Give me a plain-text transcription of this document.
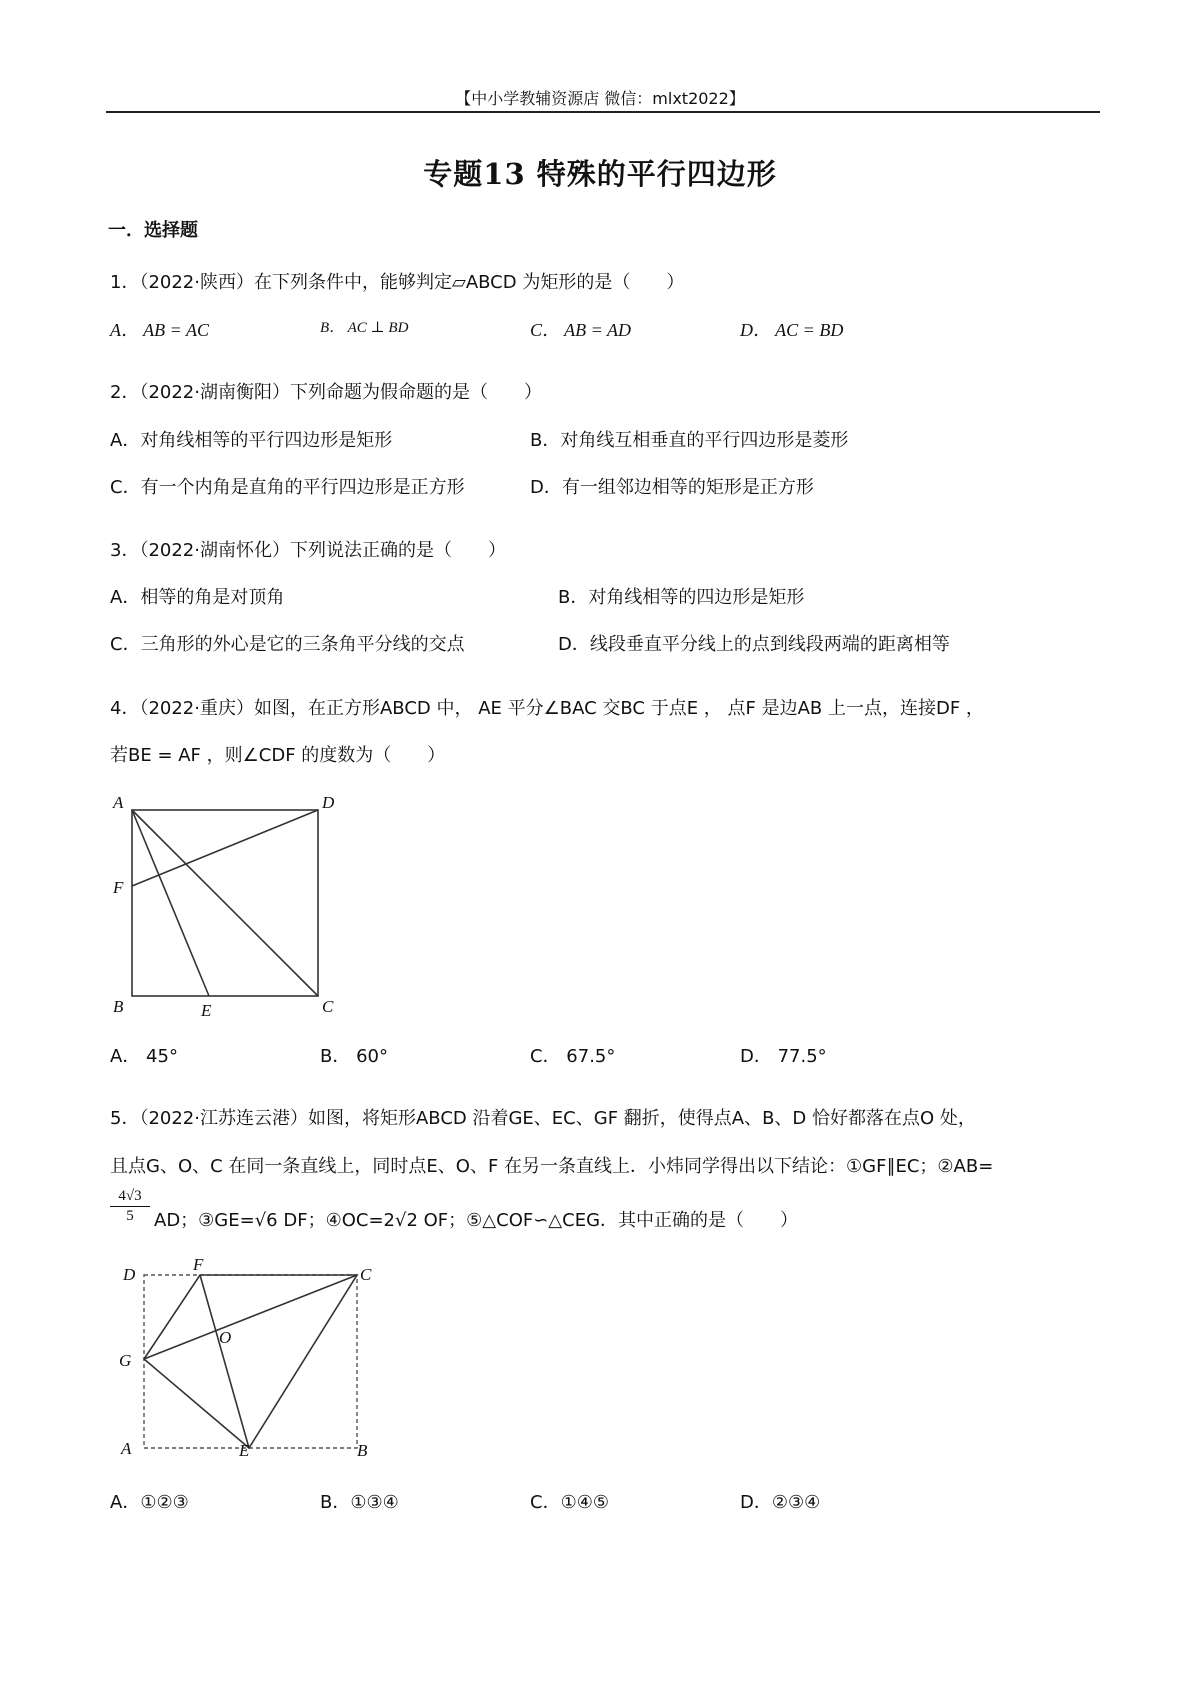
【中小学教辅资源店 微信：mlxt2022】
专题13 特殊的平行四边形
一．选择题
1．（2022·陕西）在下列条件中，能够判定▱ABCD 为矩形的是（　　）
A． AB = AC	B． AC ⊥ BD	C． AB = AD	D． AC = BD
2．（2022·湖南衡阳）下列命题为假命题的是（　　）
A．对角线相等的平行四边形是矩形	B．对角线互相垂直的平行四边形是菱形
C．有一个内角是直角的平行四边形是正方形	D．有一组邻边相等的矩形是正方形
3．（2022·湖南怀化）下列说法正确的是（　　）
A．相等的角是对顶角	B．对角线相等的四边形是矩形
C．三角形的外心是它的三条角平分线的交点	D．线段垂直平分线上的点到线段两端的距离相等
4．（2022·重庆）如图，在正方形ABCD 中， AE 平分∠BAC 交BC 于点E ， 点F 是边AB 上一点，连接DF ，
若BE = AF ，则∠CDF 的度数为（　　）
A	D
F
B	E	C
A． 45°	B． 60°	C． 67.5°	D． 77.5°
5．（2022·江苏连云港）如图，将矩形ABCD 沿着GE、EC、GF 翻折，使得点A、B、D 恰好都落在点O 处，
且点G、O、C 在同一条直线上，同时点E、O、F 在另一条直线上．小炜同学得出以下结论：①GF∥EC；②AB=
$\frac{4√3}{5}$ AD；③GE=√6 DF；④OC=2√2 OF；⑤△COF∽△CEG．其中正确的是（　　）
D
F
C
O
G
A	E	B
A．①②③	B．①③④	C．①④⑤	D．②③④
